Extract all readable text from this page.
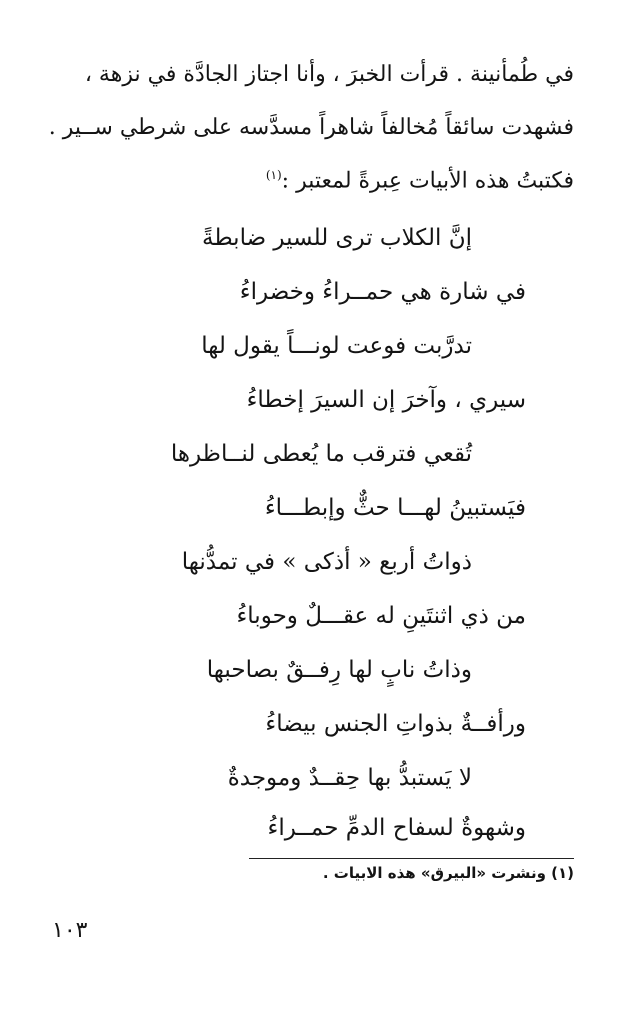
في طُمأنينة . قرأت الخبرَ ، وأنا اجتاز الجادَّة في نزهة ،
فشهدت سائقاً مُخالفاً شاهراً مسدَّسه على شرطي ســير .
فكتبتُ هذه الأبيات عِبرةً لمعتبر :$^{(١)}$
إنَّ الكلاب ترى للسير ضابطةً
في شارة هي حمــراءُ وخضراءُ
تدرَّبت فوعت لونـــاً يقول لها
سيري ، وآخرَ إن السيرَ إخطاءُ
تُقعي فترقب ما يُعطى لنــاظرها
فيَستبينُ لهـــا حثٌّ وإبطـــاءُ
ذواتُ أربع « أذكى » في تمدُّنها
من ذي اثنتَينِ له عقـــلٌ وحوباءُ
وذاتُ نابٍ لها رِفــقٌ بصاحبها
ورأفــةٌ بذواتِ الجنس بيضاءُ
لا يَستبدُّ بها حِقــدٌ وموجدةٌ
وشهوةٌ لسفاح الدمِّ حمــراءُ
(١) ونشرت «البيرق» هذه الابيات .
١٠٣
